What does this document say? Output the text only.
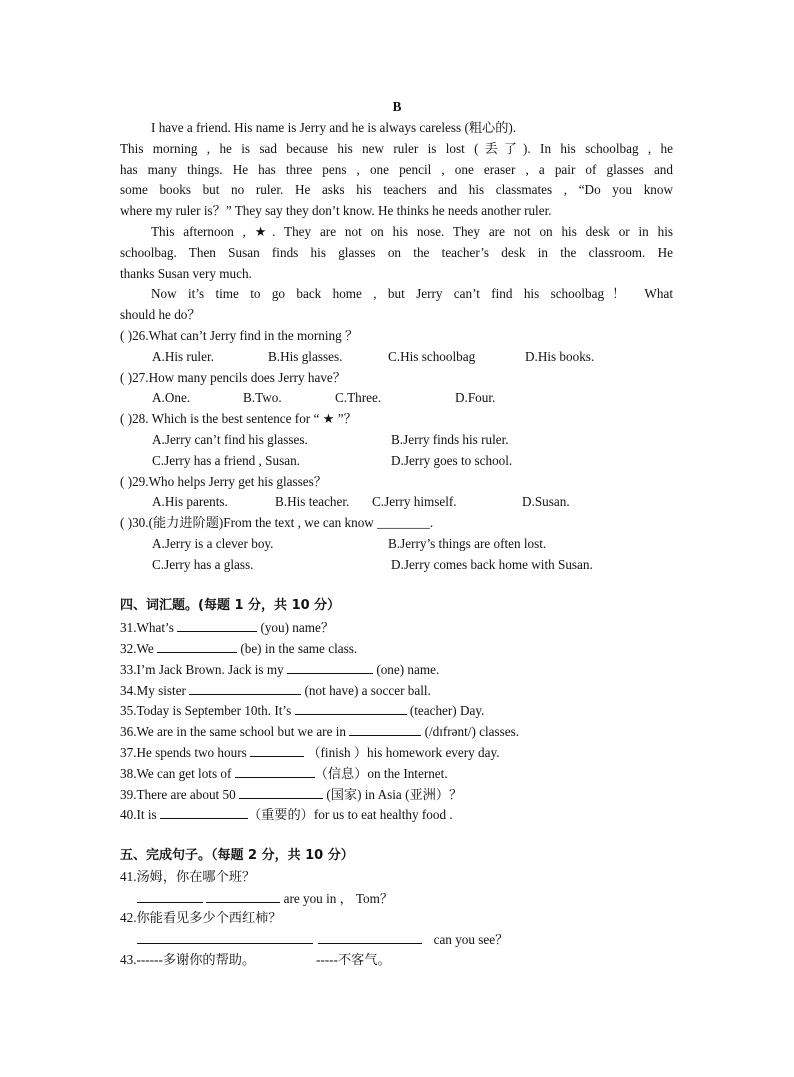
B
I have a friend. His name is Jerry and he is always careless (粗心的).
This morning , he is sad because his new ruler is lost (丢了). In his schoolbag , he
has many things. He has three pens , one pencil , one eraser , a pair of glasses and
some books but no ruler. He asks his teachers and his classmates , “Do you know
where my ruler is？” They say they don’t know. He thinks he needs another ruler.
This afternoon , ★. They are not on his nose. They are not on his desk or in his
schoolbag. Then Susan finds his glasses on the teacher’s desk in the classroom. He
thanks Susan very much.
Now it’s time to go back home , but Jerry can’t find his schoolbag！ What
should he do？
( )26.What can’t Jerry find in the morning ？
A.His ruler.	B.His glasses.	C.His schoolbag	D.His books.
( )27.How many pencils does Jerry have？
A.One.	B.Two.	C.Three.	D.Four.
( )28. Which is the best sentence for “ ★ ”？
A.Jerry can’t find his glasses.	B.Jerry finds his ruler.
C.Jerry has a friend , Susan.	D.Jerry goes to school.
( )29.Who helps Jerry get his glasses？
A.His parents.	B.His teacher. C.Jerry himself.	D.Susan.
( )30.(能力进阶题)From the text , we can know ________.
A.Jerry is a clever boy.	B.Jerry’s things are often lost.
C.Jerry has a glass.	D.Jerry comes back home with Susan.
四、词汇题。(每题 1 分，共 10 分）
31.What’s	(you) name？
32.We	(be) in the same class.
33.I’m Jack Brown. Jack is my	(one) name.
34.My sister	(not have) a soccer ball.
35.Today is September 10th. It’s	(teacher) Day.
36.We are in the same school but we are in	(/dɪfrənt/) classes.
37.He spends two hours	（finish ）his homework every day.
38.We can get lots of	（信息）on the Internet.
39.There are about 50	(国家) in Asia (亚洲）？
40.It is	（重要的）for us to eat healthy food .
五、完成句子。（每题 2 分，共 10 分）
41.汤姆，你在哪个班？
are you in ， Tom？
42.你能看见多少个西红柿？
can you see？
43.------多谢你的帮助。	-----不客气。
